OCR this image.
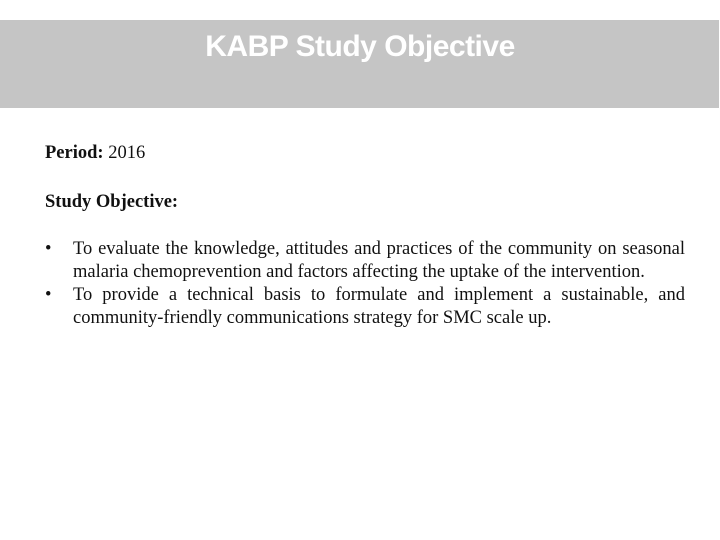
KABP Study Objective

Period: 2016

Study Objective:

• To evaluate the knowledge, attitudes and practices of the community on seasonal malaria chemoprevention and factors affecting the uptake of the intervention.
• To provide a technical basis to formulate and implement a sustainable, and community-friendly communications strategy for SMC scale up.
